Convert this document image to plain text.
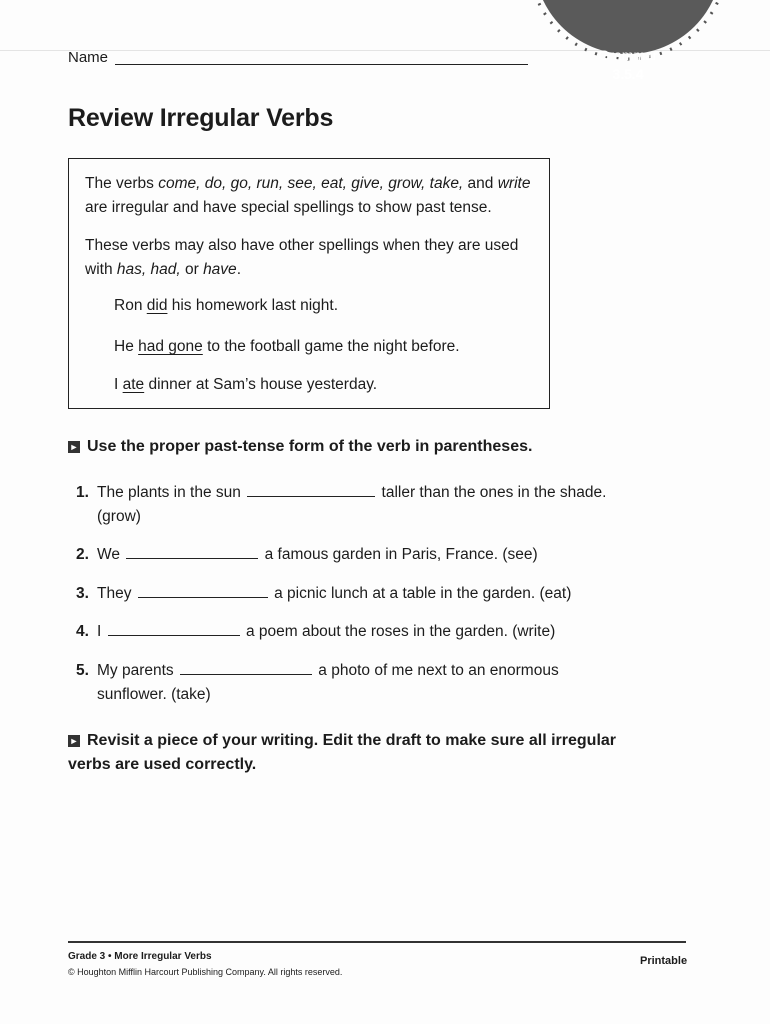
Name	Grammar
3.5.4
Review Irregular Verbs
The verbs come, do, go, run, see, eat, give, grow, take, and write are irregular and have special spellings to show past tense.
These verbs may also have other spellings when they are used with has, had, or have.
Ron did his homework last night.
He had gone to the football game the night before.
I ate dinner at Sam’s house yesterday.
► Use the proper past-tense form of the verb in parentheses.
1. The plants in the sun	taller than the ones in the shade.
(grow)
2. We	a famous garden in Paris, France. (see)
3. They	a picnic lunch at a table in the garden. (eat)
4. I	a poem about the roses in the garden. (write)
5. My parents	a photo of me next to an enormous
sunflower. (take)
► Revisit a piece of your writing. Edit the draft to make sure all irregular verbs are used correctly.
Grade 3 • More Irregular Verbs
© Houghton Mifflin Harcourt Publishing Company. All rights reserved.
Printable
